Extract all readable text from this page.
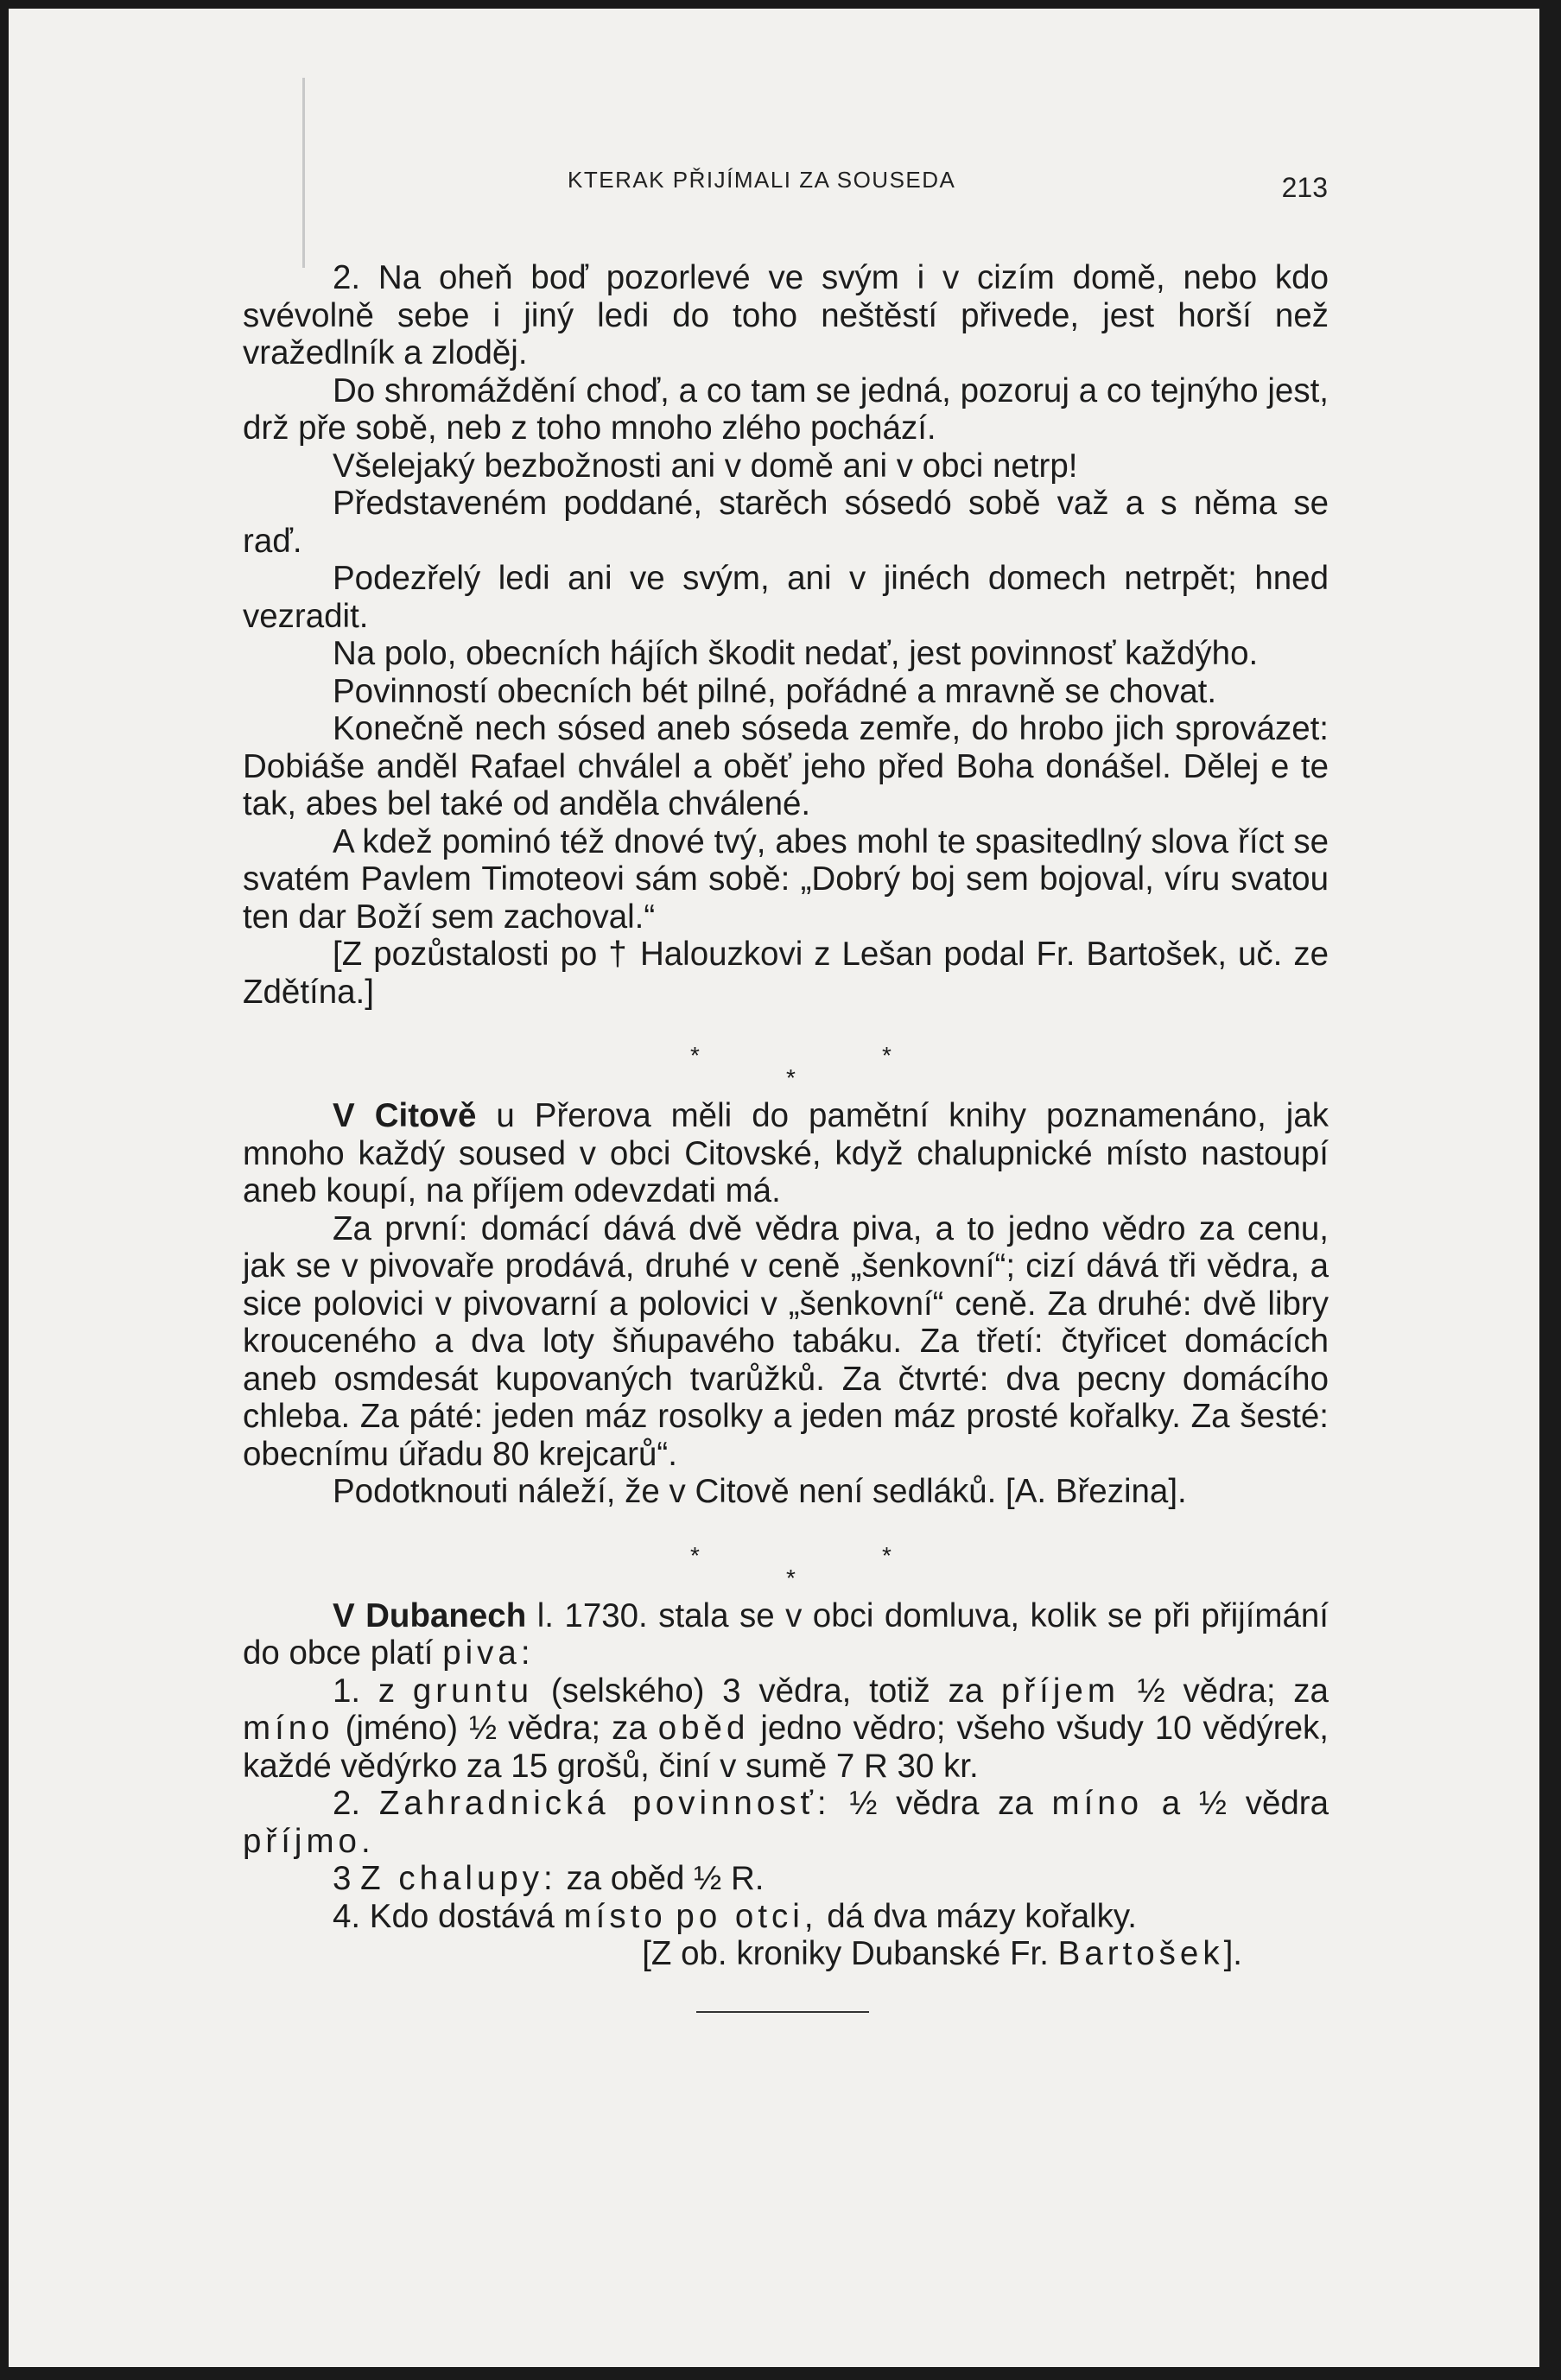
KTERAK PŘIJÍMALI ZA SOUSEDA	213

2. Na oheň boď pozorlevé ve svým i v cizím domě, nebo kdo svévolně sebe i jiný ledi do toho neštěstí přivede, jest horší než vražedlník a zloděj.

Do shromáždění choď, a co tam se jedná, pozoruj a co tejnýho jest, drž pře sobě, neb z toho mnoho zlého pochází.

Všelejaký bezbožnosti ani v domě ani v obci netrp!

Představeném poddané, starěch sósedó sobě važ a s něma se raď.

Podezřelý ledi ani ve svým, ani v jinéch domech netrpět; hned vezradit.

Na polo, obecních hájích škodit nedať, jest povinnosť každýho.

Povinností obecních bét pilné, pořádné a mravně se chovat.

Konečně nech sósed aneb sóseda zemře, do hrobo jich sprovázet: Dobiáše anděl Rafael chválel a oběť jeho před Boha donášel. Dělej e te tak, abes bel také od anděla chválené.

A kdež pominó též dnové tvý, abes mohl te spasitedlný slova říct se svatém Pavlem Timoteovi sám sobě: „Dobrý boj sem bojoval, víru svatou ten dar Boží sem zachoval.“

[Z pozůstalosti po † Halouzkovi z Lešan podal Fr. Bartošek, uč. ze Zdětína.]

*	*
*

V Citově u Přerova měli do pamětní knihy poznamenáno, jak mnoho každý soused v obci Citovské, když chalupnické místo nastoupí aneb koupí, na příjem odevzdati má.

Za první: domácí dává dvě vědra piva, a to jedno vědro za cenu, jak se v pivovaře prodává, druhé v ceně „šenkovní“; cizí dává tři vědra, a sice polovici v pivovarní a polovici v „šenkovní“ ceně. Za druhé: dvě libry krouceného a dva loty šňupavého tabáku. Za třetí: čtyřicet domácích aneb osmdesát kupovaných tvarůžků. Za čtvrté: dva pecny domácího chleba. Za páté: jeden máz rosolky a jeden máz prosté kořalky. Za šesté: obecnímu úřadu 80 krejcarů“.

Podotknouti náleží, že v Citově není sedláků. [A. Březina].

*	*
*

V Dubanech l. 1730. stala se v obci domluva, kolik se při přijímání do obce platí piva:

1. z gruntu (selského) 3 vědra, totiž za příjem ½ vědra; za míno (jméno) ½ vědra; za oběd jedno vědro; všeho všudy 10 vědýrek, každé vědýrko za 15 grošů, činí v sumě 7 R 30 kr.

2. Zahradnická povinnosť: ½ vědra za míno a ½ vědra příjmo.

3 Z chalupy: za oběd ½ R.

4. Kdo dostává místo po otci, dá dva mázy kořalky.

[Z ob. kroniky Dubanské Fr. Bartošek].
